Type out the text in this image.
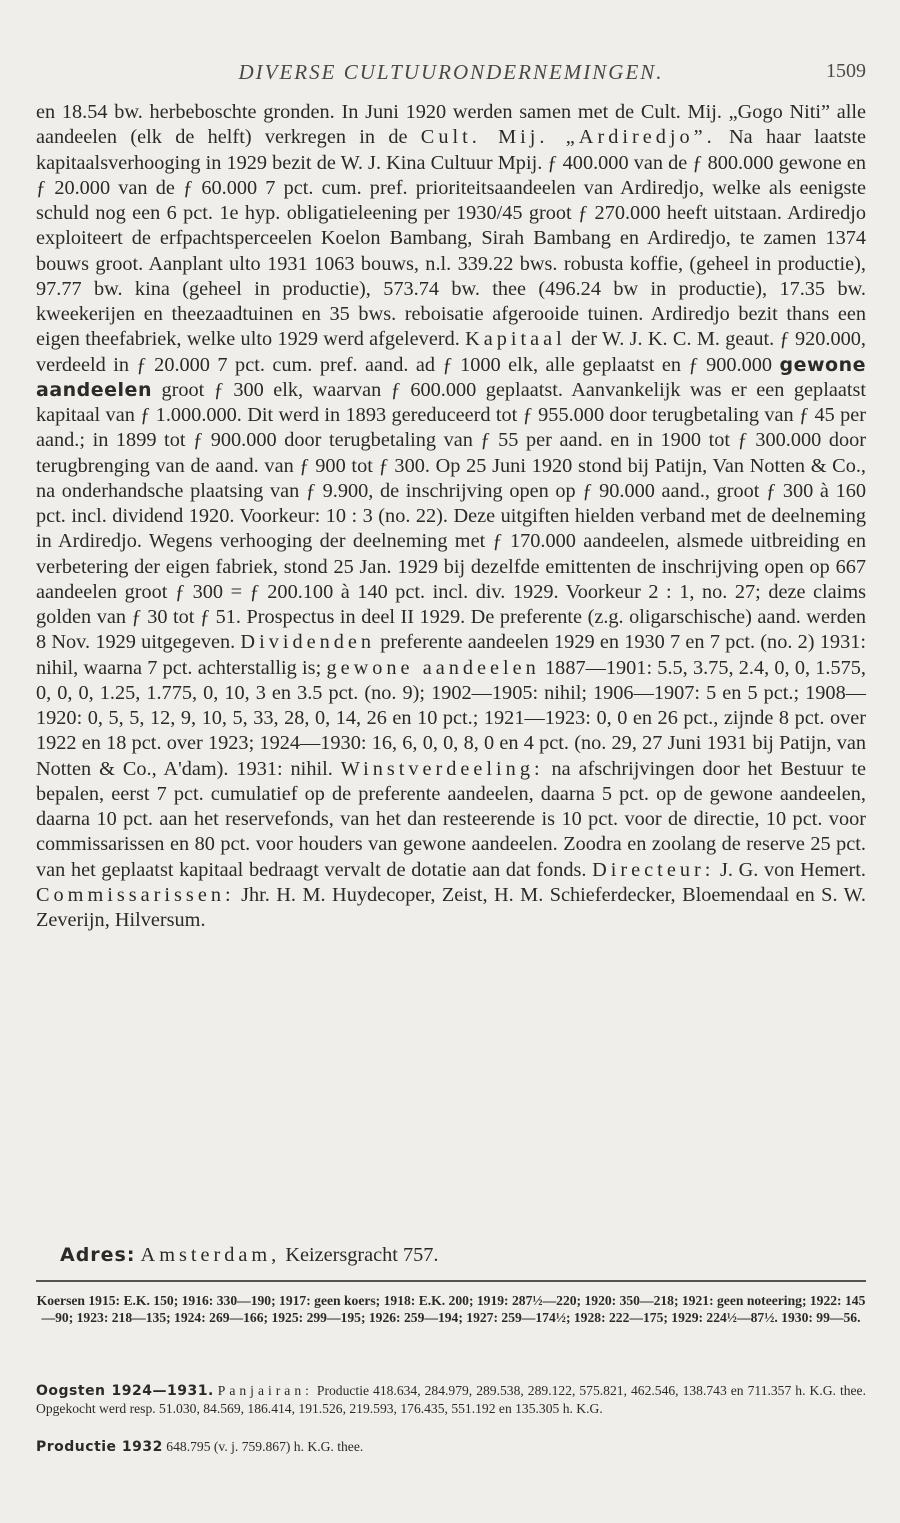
DIVERSE CULTUURONDERNEMINGEN.	1509

en 18.54 bw. herbeboschte gronden. In Juni 1920 werden samen met de Cult. Mij. „Gogo Niti” alle aandeelen (elk de helft) verkregen in de Cult. Mij. „Ardiredjo”. Na haar laatste kapitaalsverhooging in 1929 bezit de W. J. Kina Cultuur Mpij. ƒ 400.000 van de ƒ 800.000 gewone en ƒ 20.000 van de ƒ 60.000 7 pct. cum. pref. prioriteitsaandeelen van Ardiredjo, welke als eenigste schuld nog een 6 pct. 1e hyp. obligatieleening per 1930/45 groot ƒ 270.000 heeft uitstaan. Ardiredjo exploiteert de erfpachtsperceelen Koelon Bambang, Sirah Bambang en Ardiredjo, te zamen 1374 bouws groot. Aanplant ulto 1931 1063 bouws, n.l. 339.22 bws. robusta koffie, (geheel in productie), 97.77 bw. kina (geheel in productie), 573.74 bw. thee (496.24 bw in productie), 17.35 bw. kweekerijen en theezaadtuinen en 35 bws. reboisatie afgerooide tuinen. Ardiredjo bezit thans een eigen theefabriek, welke ulto 1929 werd afgeleverd. Kapitaal der W. J. K. C. M. geaut. ƒ 920.000, verdeeld in ƒ 20.000 7 pct. cum. pref. aand. ad ƒ 1000 elk, alle geplaatst en ƒ 900.000 gewone aandeelen groot ƒ 300 elk, waarvan ƒ 600.000 geplaatst. Aanvankelijk was er een geplaatst kapitaal van ƒ 1.000.000. Dit werd in 1893 gereduceerd tot ƒ 955.000 door terugbetaling van ƒ 45 per aand.; in 1899 tot ƒ 900.000 door terugbetaling van ƒ 55 per aand. en in 1900 tot ƒ 300.000 door terugbrenging van de aand. van ƒ 900 tot ƒ 300. Op 25 Juni 1920 stond bij Patijn, Van Notten & Co., na onderhandsche plaatsing van ƒ 9.900, de inschrijving open op ƒ 90.000 aand., groot ƒ 300 à 160 pct. incl. dividend 1920. Voorkeur: 10 : 3 (no. 22). Deze uitgiften hielden verband met de deelneming in Ardiredjo. Wegens verhooging der deelneming met ƒ 170.000 aandeelen, alsmede uitbreiding en verbetering der eigen fabriek, stond 25 Jan. 1929 bij dezelfde emittenten de inschrijving open op 667 aandeelen groot ƒ 300 = ƒ 200.100 à 140 pct. incl. div. 1929. Voorkeur 2 : 1, no. 27; deze claims golden van ƒ 30 tot ƒ 51. Prospectus in deel II 1929. De preferente (z.g. oligarschische) aand. werden 8 Nov. 1929 uitgegeven. Dividenden preferente aandeelen 1929 en 1930 7 en 7 pct. (no. 2) 1931: nihil, waarna 7 pct. achterstallig is; gewone aandeelen 1887—1901: 5.5, 3.75, 2.4, 0, 0, 1.575, 0, 0, 0, 1.25, 1.775, 0, 10, 3 en 3.5 pct. (no. 9); 1902—1905: nihil; 1906—1907: 5 en 5 pct.; 1908—1920: 0, 5, 5, 12, 9, 10, 5, 33, 28, 0, 14, 26 en 10 pct.; 1921—1923: 0, 0 en 26 pct., zijnde 8 pct. over 1922 en 18 pct. over 1923; 1924—1930: 16, 6, 0, 0, 8, 0 en 4 pct. (no. 29, 27 Juni 1931 bij Patijn, van Notten & Co., A'dam). 1931: nihil. Winstverdeeling: na afschrijvingen door het Bestuur te bepalen, eerst 7 pct. cumulatief op de preferente aandeelen, daarna 5 pct. op de gewone aandeelen, daarna 10 pct. aan het reservefonds, van het dan resteerende is 10 pct. voor de directie, 10 pct. voor commissarissen en 80 pct. voor houders van gewone aandeelen. Zoodra en zoolang de reserve 25 pct. van het geplaatst kapitaal bedraagt vervalt de dotatie aan dat fonds. Directeur: J. G. von Hemert. Commissarissen: Jhr. H. M. Huydecoper, Zeist, H. M. Schieferdecker, Bloemendaal en S. W. Zeverijn, Hilversum.

Adres: Amsterdam, Keizersgracht 757.
Koersen 1915: E.K. 150; 1916: 330—190; 1917: geen koers; 1918: E.K. 200; 1919: 287½—220; 1920: 350—218; 1921: geen noteering; 1922: 145—90; 1923: 218—135; 1924: 269—166; 1925: 299—195; 1926: 259—194; 1927: 259—174½; 1928: 222—175; 1929: 224½—87½. 1930: 99—56.
Oogsten 1924—1931. Panjairan: Productie 418.634, 284.979, 289.538, 289.122, 575.821, 462.546, 138.743 en 711.357 h. K.G. thee. Opgekocht werd resp. 51.030, 84.569, 186.414, 191.526, 219.593, 176.435, 551.192 en 135.305 h. K.G.
Productie 1932 648.795 (v. j. 759.867) h. K.G. thee.
